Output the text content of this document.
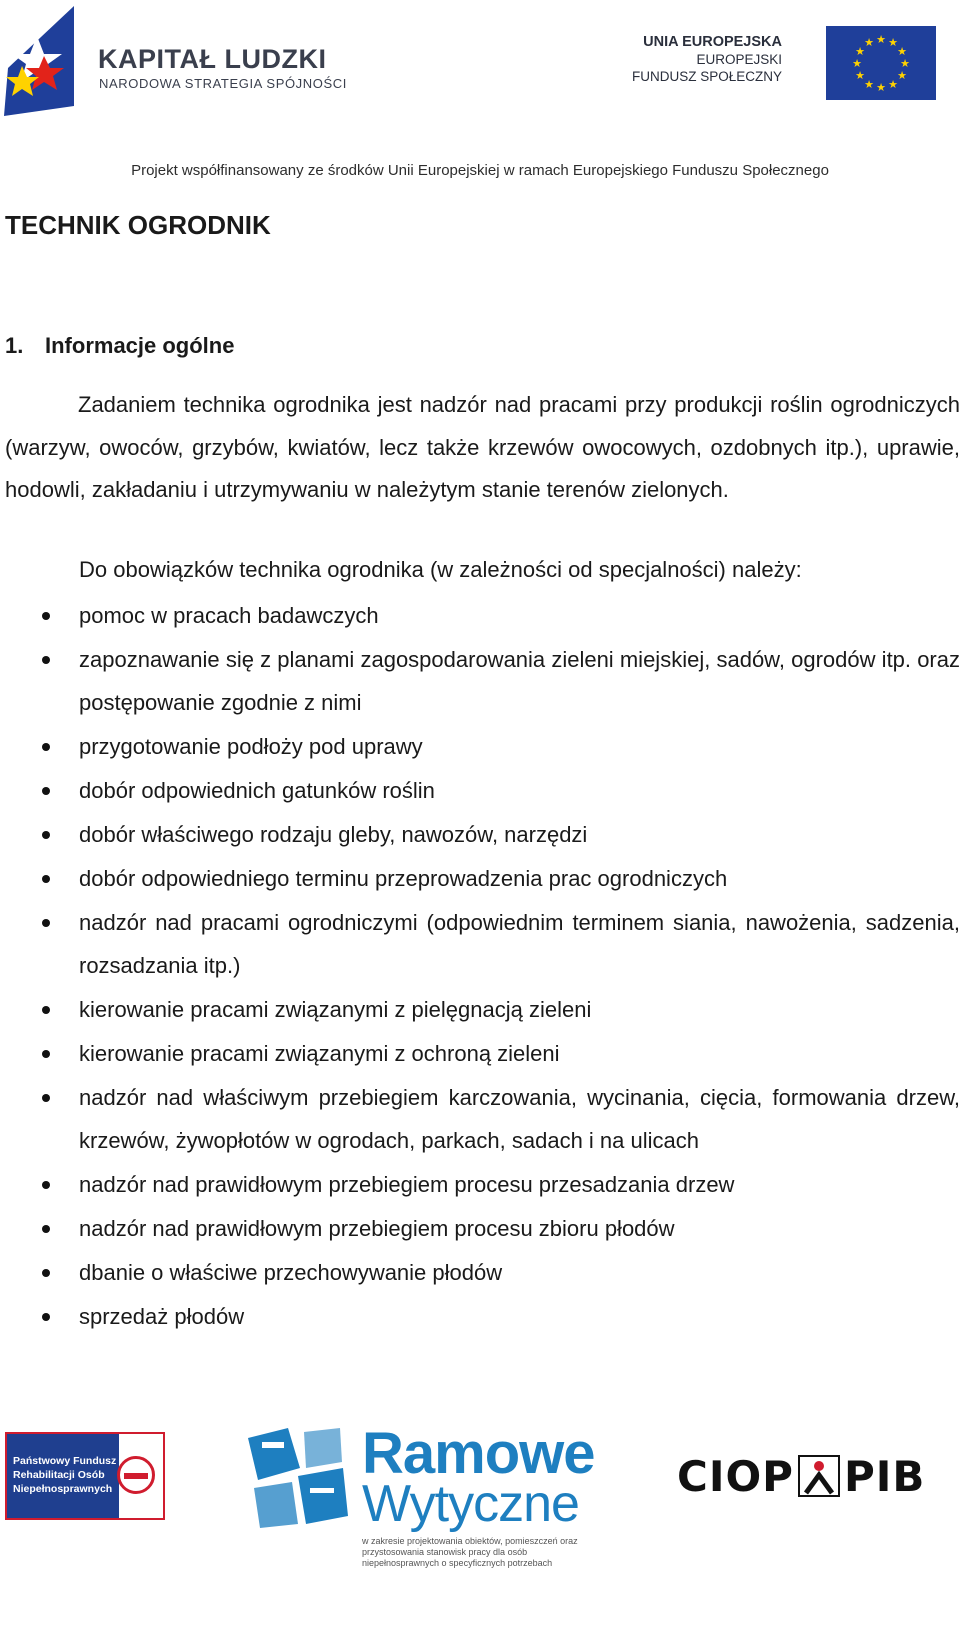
KAPITAŁ LUDZKI
NARODOWA STRATEGIA SPÓJNOŚCI
UNIA EUROPEJSKA
EUROPEJSKI
FUNDUSZ SPOŁECZNY
★ ★
★
★
★
★
★
★
★
★
★
★
Projekt współfinansowany ze środków Unii Europejskiej w ramach Europejskiego Funduszu Społecznego
TECHNIK OGRODNIK
1. Informacje ogólne
Zadaniem technika ogrodnika jest nadzór nad pracami przy produkcji roślin ogrodniczych (warzyw, owoców, grzybów, kwiatów, lecz także krzewów owocowych, ozdobnych itp.), uprawie, hodowli, zakładaniu i utrzymywaniu w należytym stanie terenów zielonych.
Do obowiązków technika ogrodnika (w zależności od specjalności) należy:
pomoc w pracach badawczych
zapoznawanie się z planami zagospodarowania zieleni miejskiej, sadów, ogrodów itp. oraz postępowanie zgodnie z nimi
przygotowanie podłoży pod uprawy
dobór odpowiednich gatunków roślin
dobór właściwego rodzaju gleby, nawozów, narzędzi
dobór odpowiedniego terminu przeprowadzenia prac ogrodniczych
nadzór nad pracami ogrodniczymi (odpowiednim terminem siania, nawożenia, sadzenia, rozsadzania itp.)
kierowanie pracami związanymi z pielęgnacją zieleni
kierowanie pracami związanymi z ochroną zieleni
nadzór nad właściwym przebiegiem karczowania, wycinania, cięcia, formowania drzew, krzewów, żywopłotów w ogrodach, parkach, sadach i na ulicach
nadzór nad prawidłowym przebiegiem procesu przesadzania drzew
nadzór nad prawidłowym przebiegiem procesu zbioru płodów
dbanie o właściwe przechowywanie płodów
sprzedaż płodów
Państwowy Fundusz
Rehabilitacji Osób
Niepełnosprawnych
Ramowe
Wytyczne
w zakresie projektowania obiektów, pomieszczeń oraz przystosowania stanowisk pracy dla osób niepełnosprawnych o specyficznych potrzebach
CIOP PIB
